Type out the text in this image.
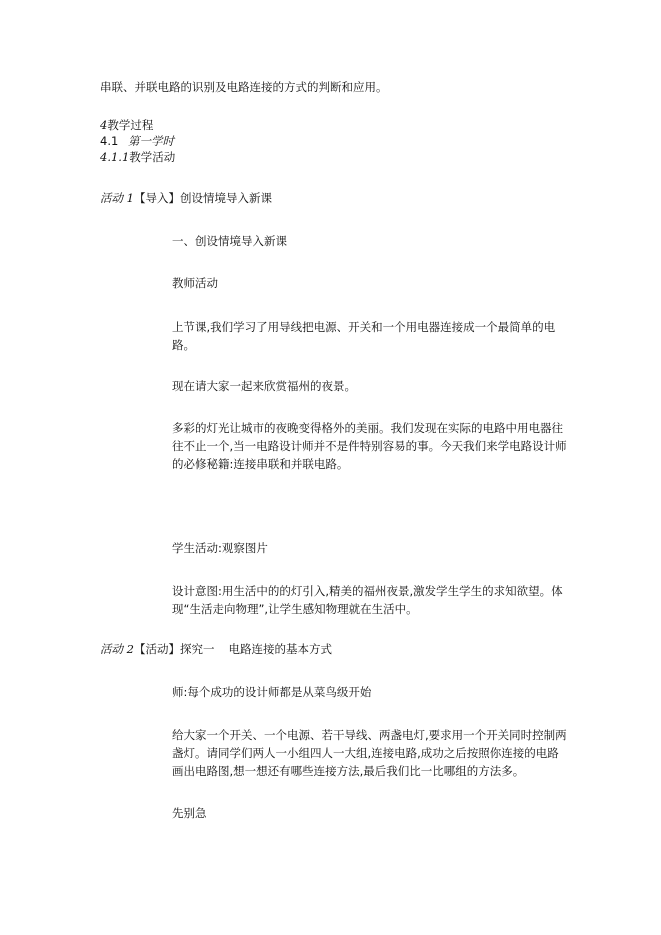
串联、并联电路的识别及电路连接的方式的判断和应用。
4教学过程
4.1 第一学时
4.1.1教学活动
活动 1【导入】创设情境导入新课
一、创设情境导入新课
教师活动
上节课,我们学习了用导线把电源、开关和一个用电器连接成一个最简单的电路。
现在请大家一起来欣赏福州的夜景。
多彩的灯光让城市的夜晚变得格外的美丽。我们发现在实际的电路中用电器往往不止一个,当一电路设计师并不是件特别容易的事。今天我们来学电路设计师的必修秘籍:连接串联和并联电路。
学生活动:观察图片
设计意图:用生活中的的灯引入,精美的福州夜景,激发学生学生的求知欲望。体现“生活走向物理”,让学生感知物理就在生活中。
活动 2【活动】探究一 电路连接的基本方式
师:每个成功的设计师都是从菜鸟级开始
给大家一个开关、一个电源、若干导线、两盏电灯,要求用一个开关同时控制两盏灯。请同学们两人一小组四人一大组,连接电路,成功之后按照你连接的电路画出电路图,想一想还有哪些连接方法,最后我们比一比哪组的方法多。
先别急
